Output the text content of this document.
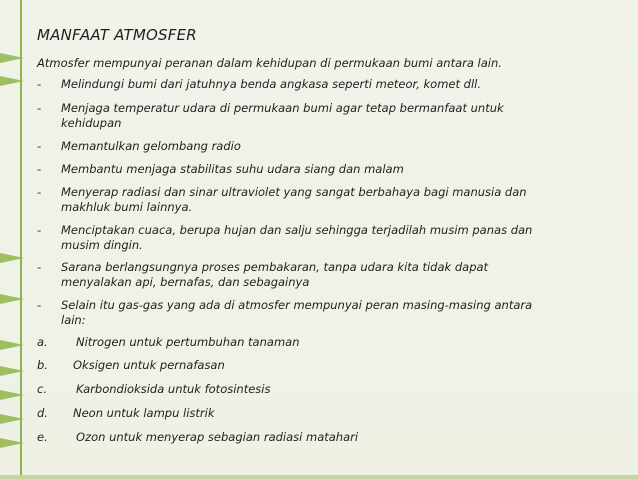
MANFAAT ATMOSFER
Atmosfer mempunyai peranan dalam kehidupan di permukaan bumi antara lain.
- Melindungi bumi dari jatuhnya benda angkasa seperti meteor, komet dll.
- Menjaga temperatur udara di permukaan bumi agar tetap bermanfaat untuk
kehidupan
- Memantulkan gelombang radio
- Membantu menjaga stabilitas suhu udara siang dan malam
- Menyerap radiasi dan sinar ultraviolet yang sangat berbahaya bagi manusia dan
makhluk bumi lainnya.
- Menciptakan cuaca, berupa hujan dan salju sehingga terjadilah musim panas dan
musim dingin.
- Sarana berlangsungnya proses pembakaran, tanpa udara kita tidak dapat
menyalakan api, bernafas, dan sebagainya
- Selain itu gas-gas yang ada di atmosfer mempunyai peran masing-masing antara
lain:
a. Nitrogen untuk pertumbuhan tanaman
b. Oksigen untuk pernafasan
c.	Karbondioksida untuk fotosintesis
d. Neon untuk lampu listrik
e. Ozon untuk menyerap sebagian radiasi matahari
